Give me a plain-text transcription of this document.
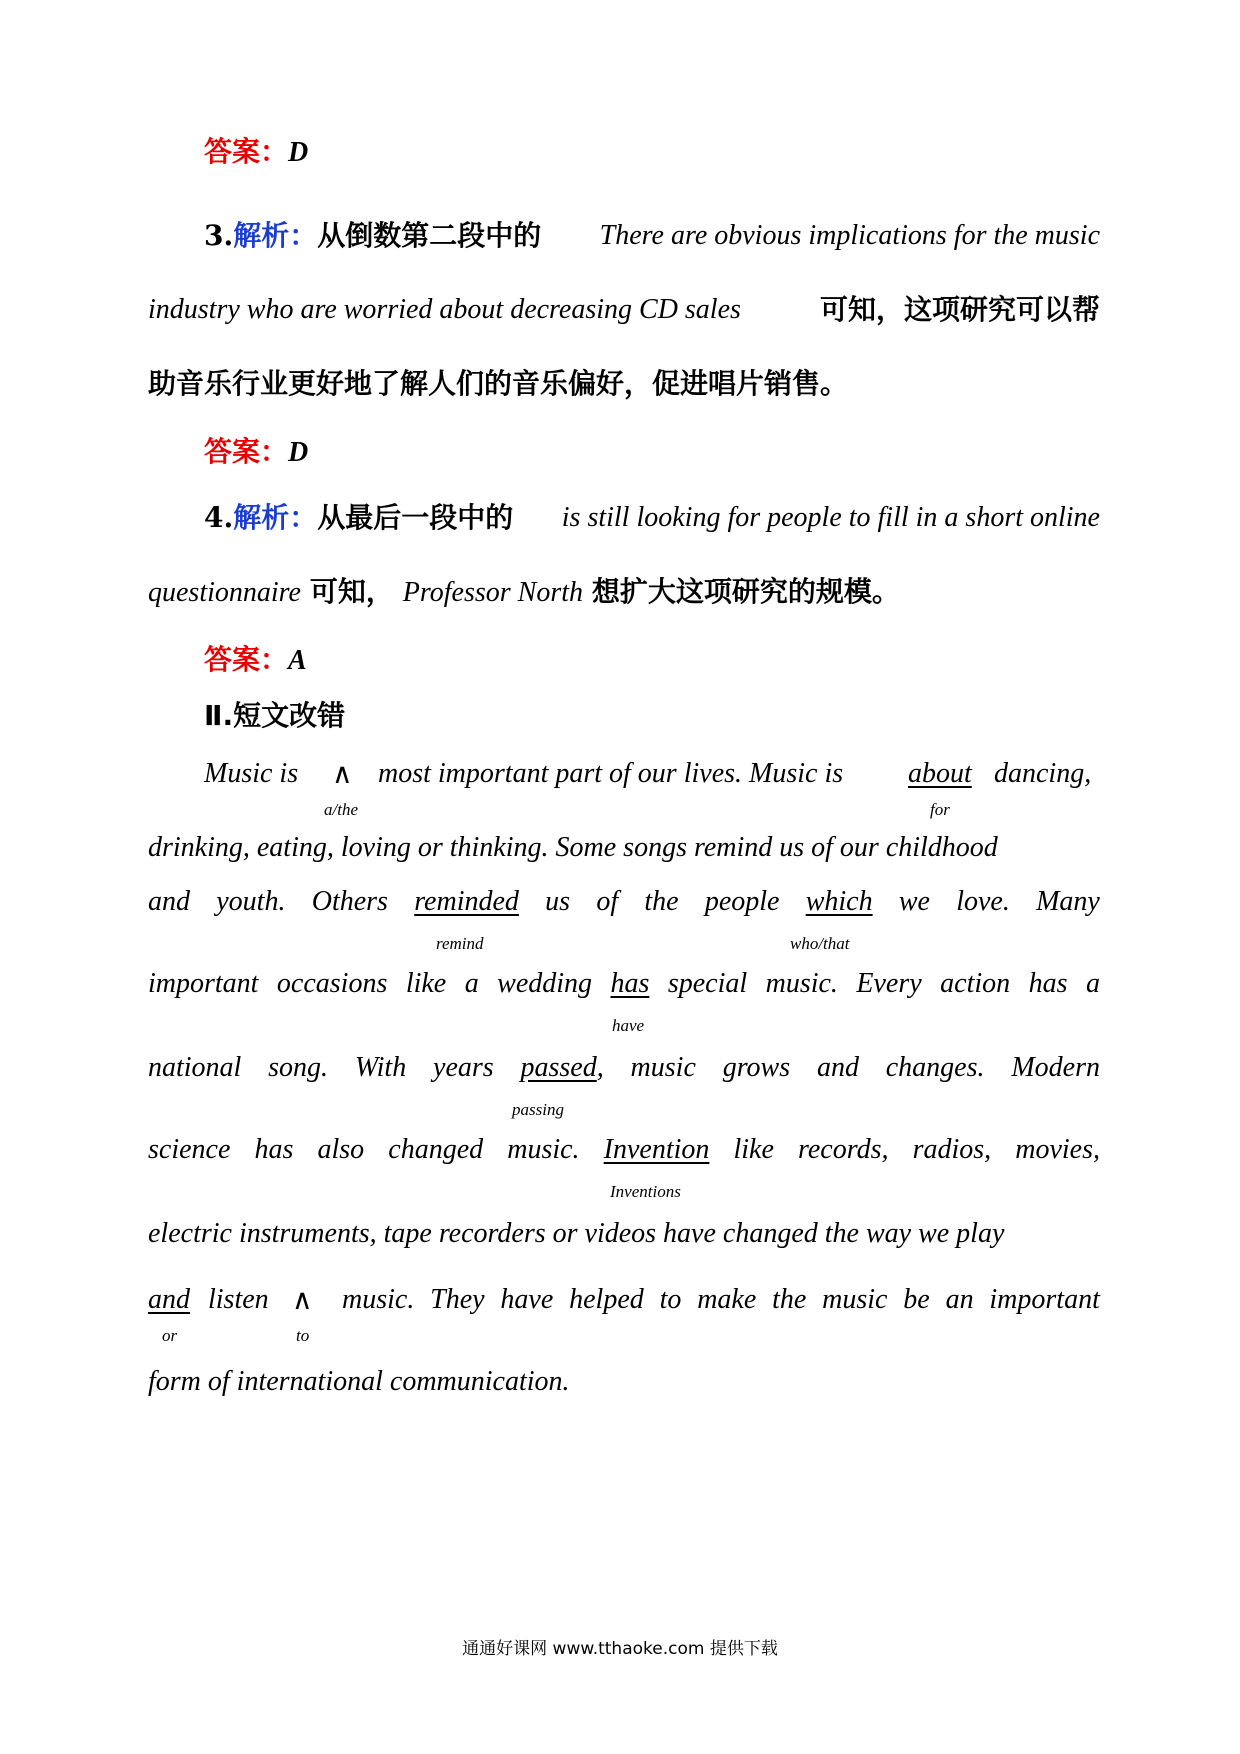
答案：D
3.解析：从倒数第二段中的 There are obvious implications for the music
industry who are worried about decreasing CD sales	可知，这项研究可以帮
助音乐行业更好地了解人们的音乐偏好，促进唱片销售。
答案：D
4.解析：从最后一段中的 is still looking for people to fill in a short online
questionnaire 可知， Professor North 想扩大这项研究的规模。
答案：A
Ⅱ.短文改错
Music is ∧ most important part of our lives. Music is about dancing,
a/the	for
drinking, eating, loving or thinking. Some songs remind us of our childhood
and youth. Others reminded us of the people which we love. Many
remind	who/that
important occasions like a wedding has special music. Every action has a
have
national song. With years passed, music grows and changes. Modern
passing
science has also changed music. Invention like records, radios, movies,
Inventions
electric instruments, tape recorders or videos have changed the way we play
and listen ∧ music. They have helped to make the music be an important
or	to
form of international communication.
通通好课网 www.tthaoke.com 提供下载
